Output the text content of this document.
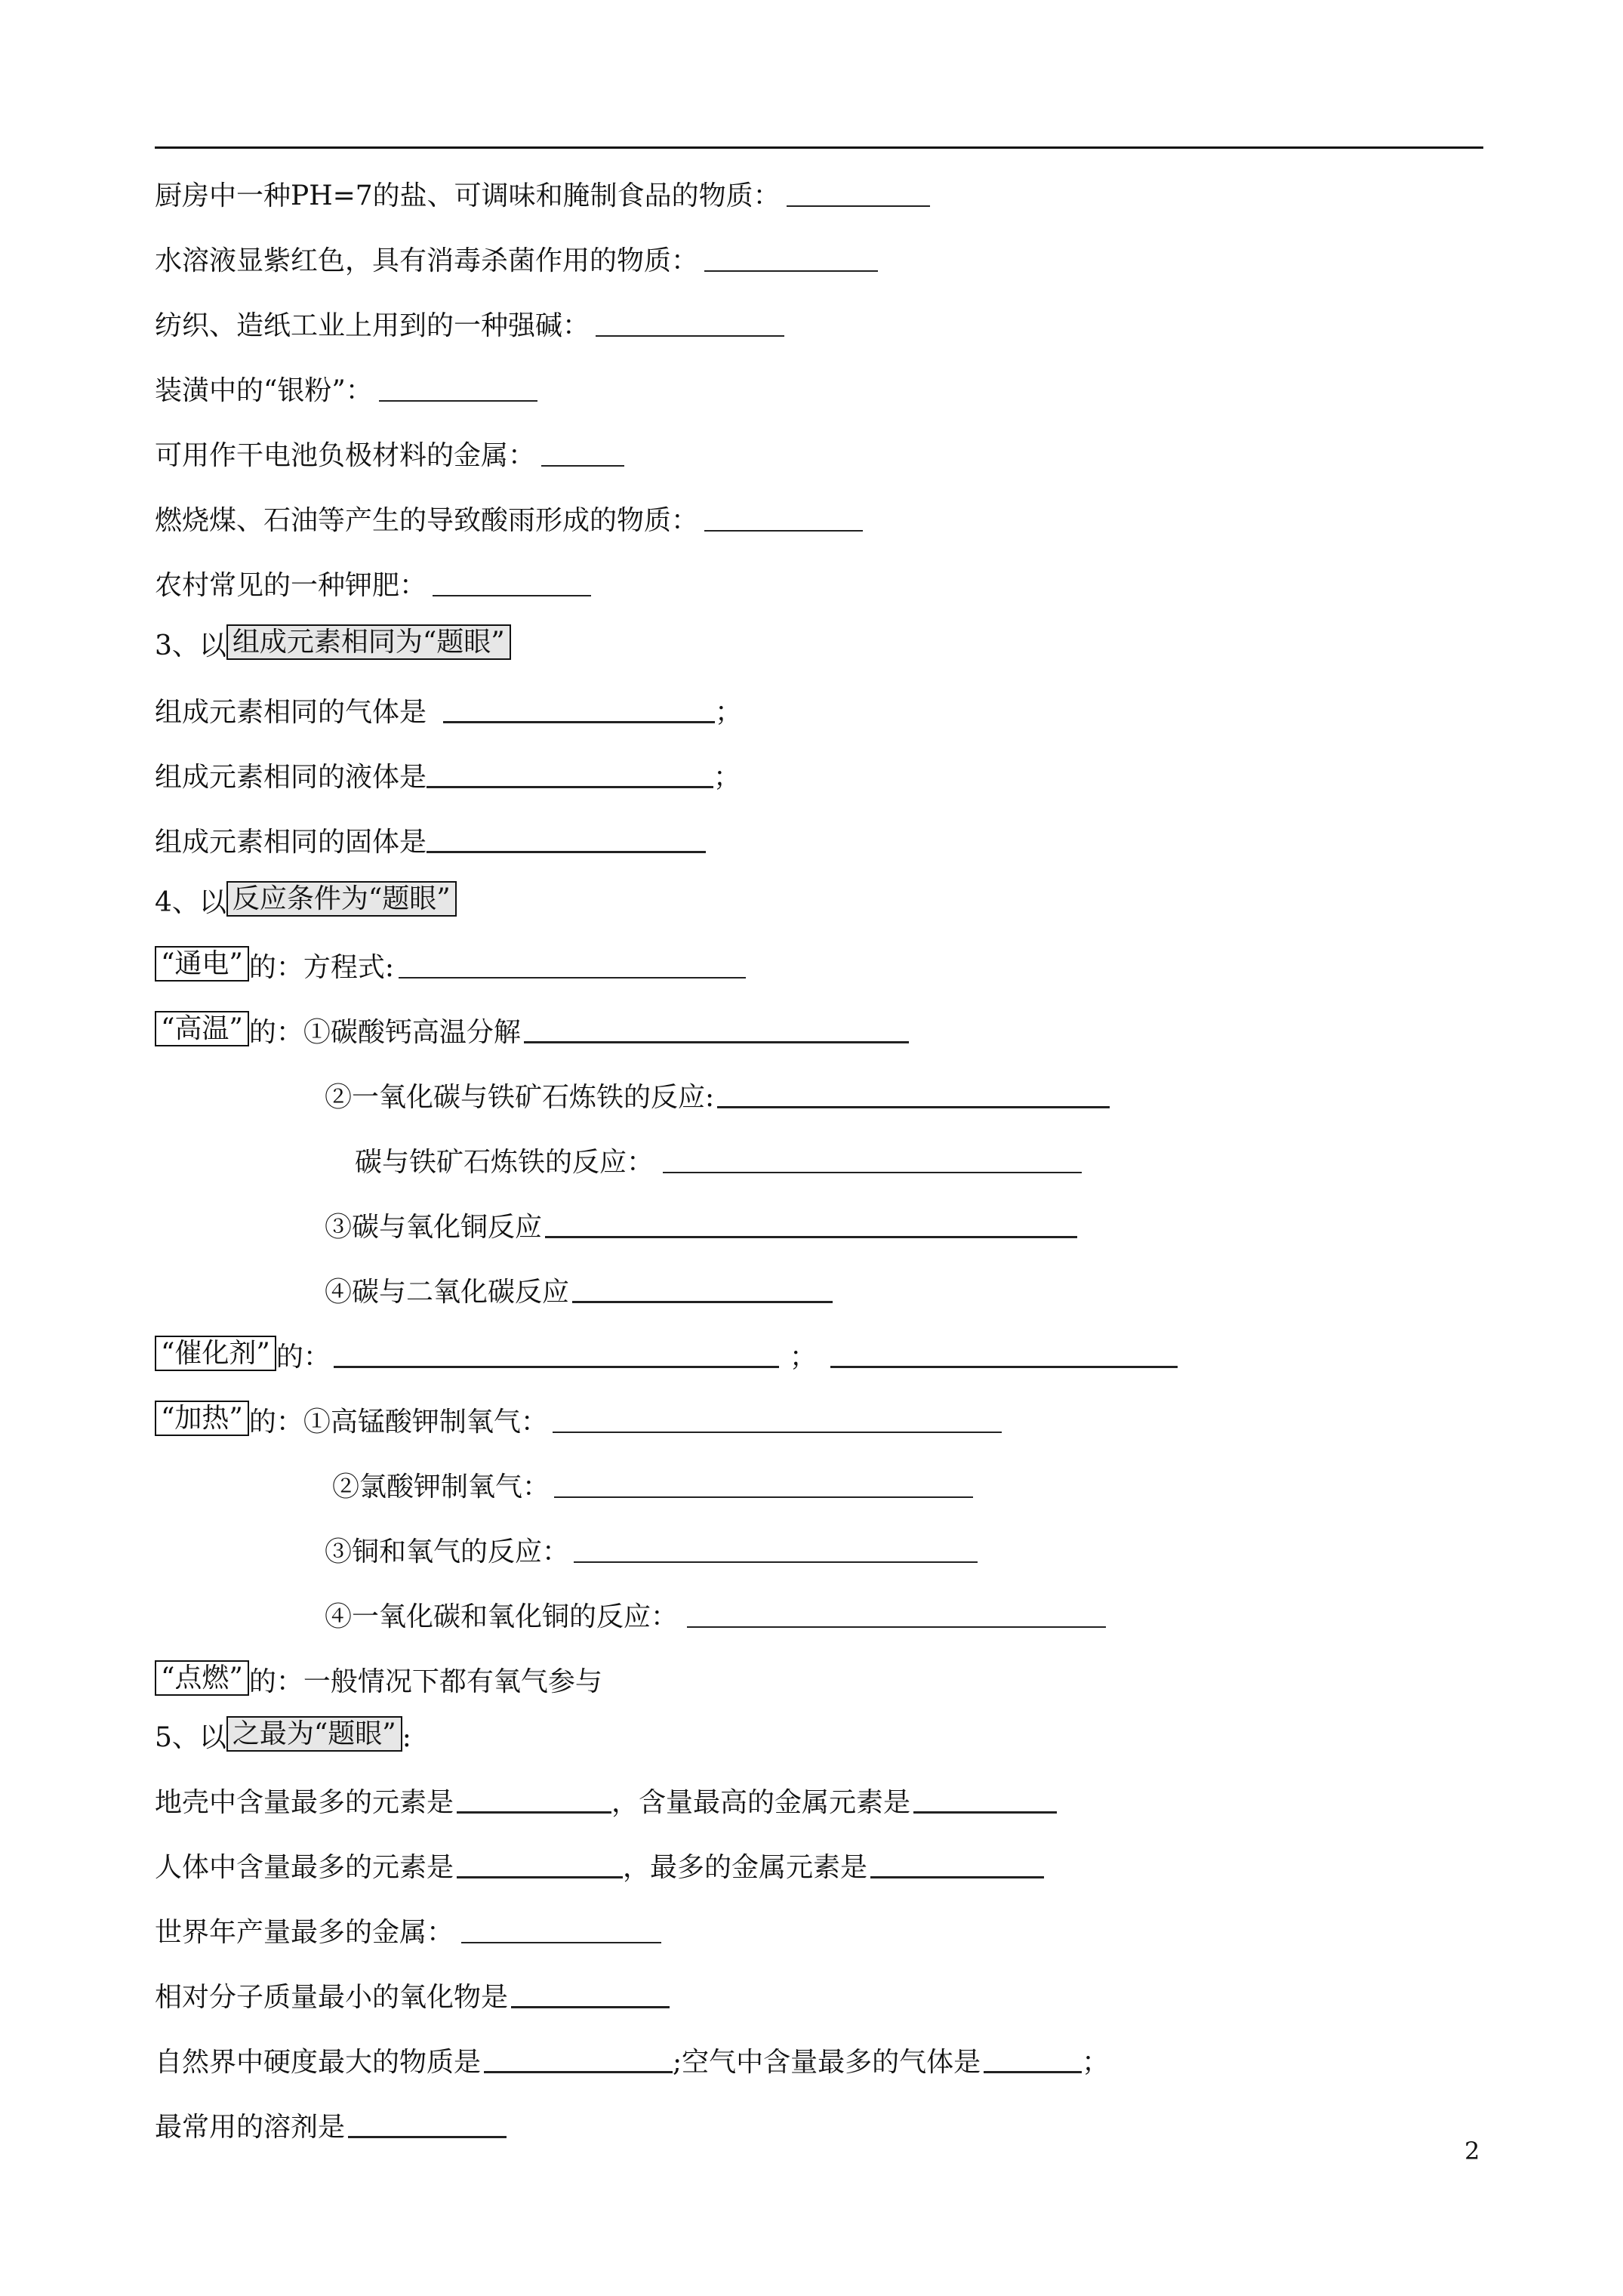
厨房中一种PH=7的盐、可调味和腌制食品的物质：
水溶液显紫红色，具有消毒杀菌作用的物质：
纺织、造纸工业上用到的一种强碱：
装潢中的“银粉”：
可用作干电池负极材料的金属：
燃烧煤、石油等产生的导致酸雨形成的物质：
农村常见的一种钾肥：
3、以 组成元素相同为“题眼”
组成元素相同的气体是	；
组成元素相同的液体是	；
组成元素相同的固体是
4、以 反应条件为“题眼”
“通电” 的：方程式:
“高温” 的：①碳酸钙高温分解
②一氧化碳与铁矿石炼铁的反应:
碳与铁矿石炼铁的反应：
③碳与氧化铜反应
④碳与二氧化碳反应
“催化剂” 的：	；
“加热” 的：①高锰酸钾制氧气：
②氯酸钾制氧气：
③铜和氧气的反应：
④一氧化碳和氧化铜的反应：
“点燃” 的：一般情况下都有氧气参与
5、以 之最为“题眼” :
地壳中含量最多的元素是	，含量最高的金属元素是
人体中含量最多的元素是	，最多的金属元素是
世界年产量最多的金属：
相对分子质量最小的氧化物是
自然界中硬度最大的物质是	;空气中含量最多的气体是	；
最常用的溶剂是
2
